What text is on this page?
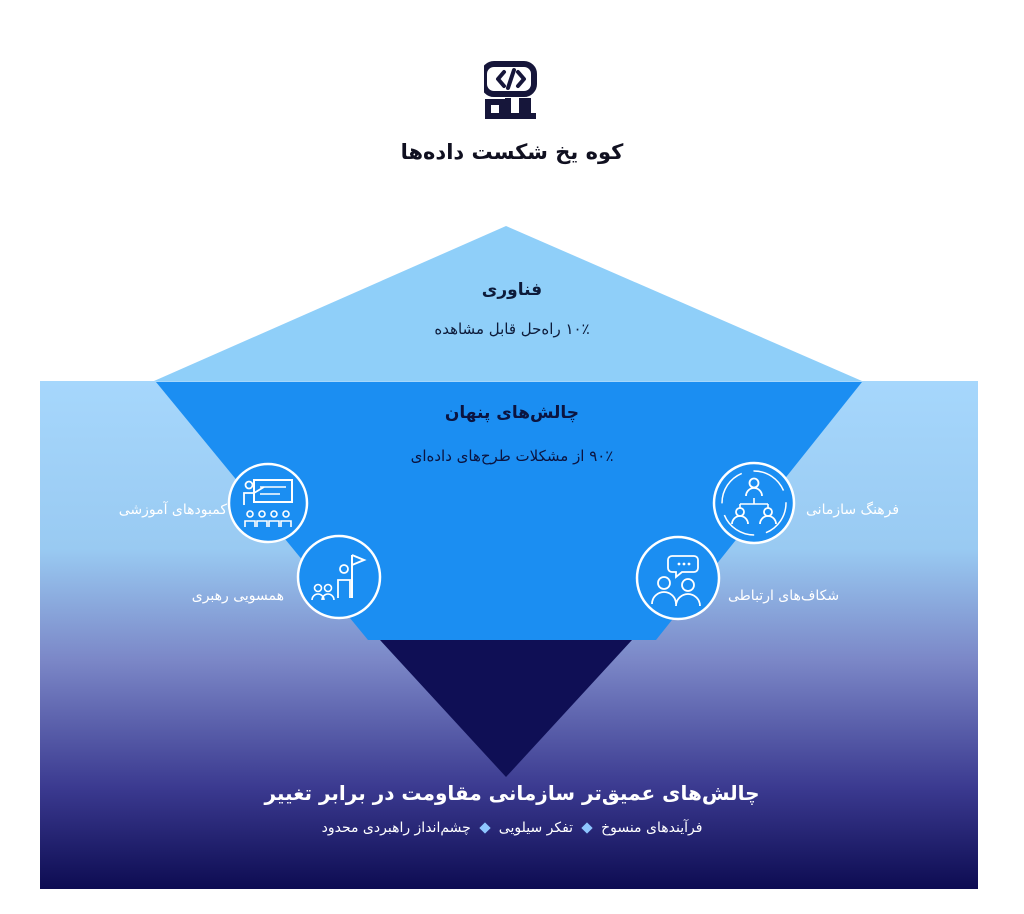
کوه یخ شکست داده‌ها
فناوری
۱۰٪ راه‌حل قابل مشاهده
چالش‌های پنهان
۹۰٪ از مشکلات طرح‌های داده‌ای
کمبودهای آموزشی
همسویی رهبری
فرهنگ سازمانی
شکاف‌های ارتباطی
چالش‌های عمیق‌تر سازمانی مقاومت در برابر تغییر
فرآیندهای منسوخ
تفکر سیلویی
چشم‌انداز راهبردی محدود
